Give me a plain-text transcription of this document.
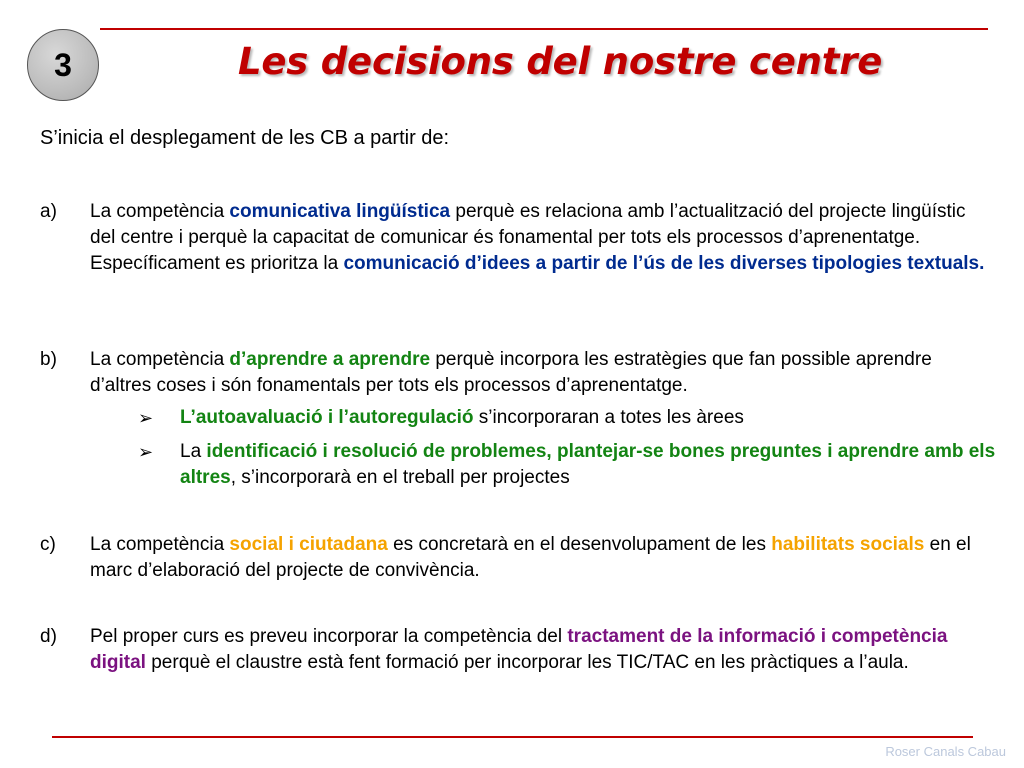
3	Les decisions del nostre centre
S’inicia el desplegament de les CB a partir de:
a) La competència comunicativa lingüística perquè es relaciona amb l’actualització del projecte lingüístic del centre i perquè la capacitat de comunicar és fonamental per tots els processos d’aprenentatge. Específicament es prioritza la comunicació d’idees a partir de l’ús de les diverses tipologies textuals.
b) La competència d’aprendre a aprendre perquè incorpora les estratègies que fan possible aprendre d’altres coses i són fonamentals per tots els processos d’aprenentatge.
➢ L’autoavaluació i l’autoregulació s’incorporaran a totes les àrees
➢ La identificació i resolució de problemes, plantejar-se bones preguntes i aprendre amb els altres, s’incorporarà en el treball per projectes
c) La competència social i ciutadana es concretarà en el desenvolupament de les habilitats socials en el marc d’elaboració del projecte de convivència.
d) Pel proper curs es preveu incorporar la competència del tractament de la informació i competència digital perquè el claustre està fent formació per incorporar les TIC/TAC en les pràctiques a l’aula.
Roser Canals Cabau
